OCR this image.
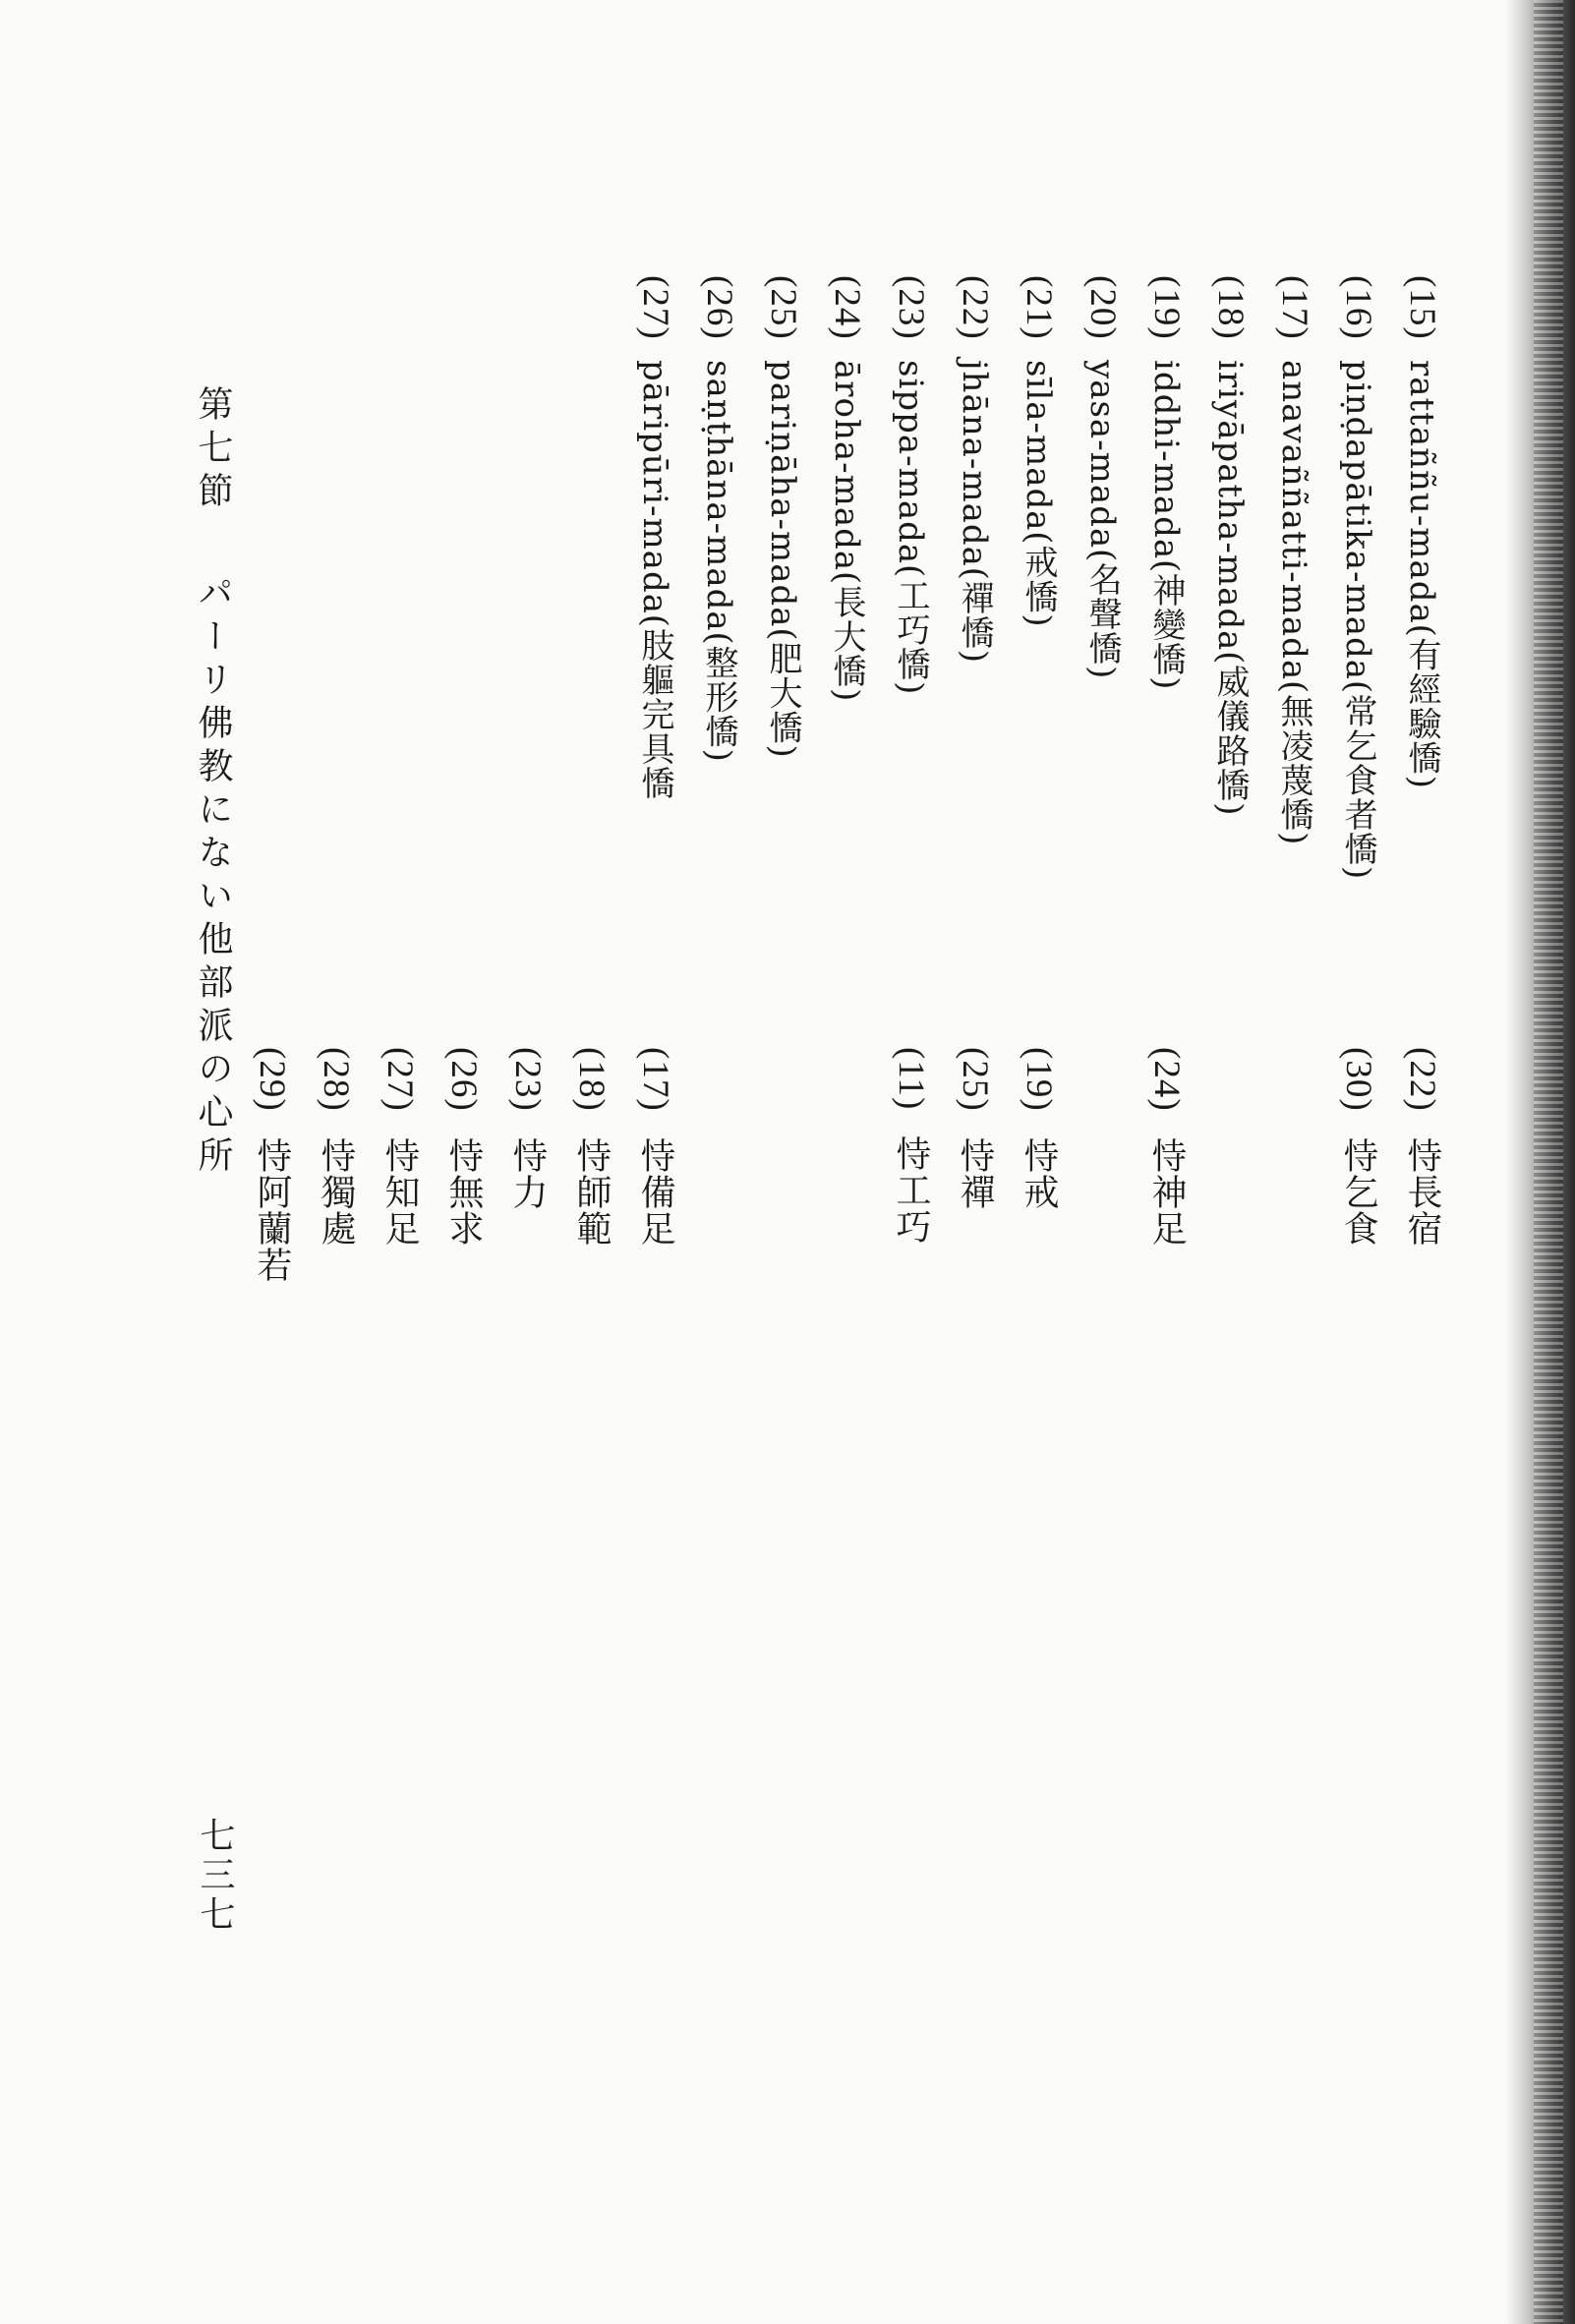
第七節パーリ佛教にない他部派の心所
七三七
(15)rattaññu-mada(有經驗憍)
(16)piṇḍapātika-mada(常乞食者憍)
(17)anavaññatti-mada(無凌蔑憍)
(18)iriyāpatha-mada(威儀路憍)
(19)iddhi-mada(神變憍)
(20)yasa-mada(名聲憍)
(21)sīla-mada(戒憍)
(22)jhāna-mada(禪憍)
(23)sippa-mada(工巧憍)
(24)āroha-mada(長大憍)
(25)pariṇāha-mada(肥大憍)
(26)saṇṭhāna-mada(整形憍)
(27)pāripūri-mada(肢軀完具憍
(22)恃長宿
(30)恃乞食
(24)恃神足
(19)恃戒
(25)恃禪
(11)恃工巧
(17)恃備足
(18)恃師範
(23)恃力
(26)恃無求
(27)恃知足
(28)恃獨處
(29)恃阿蘭若
